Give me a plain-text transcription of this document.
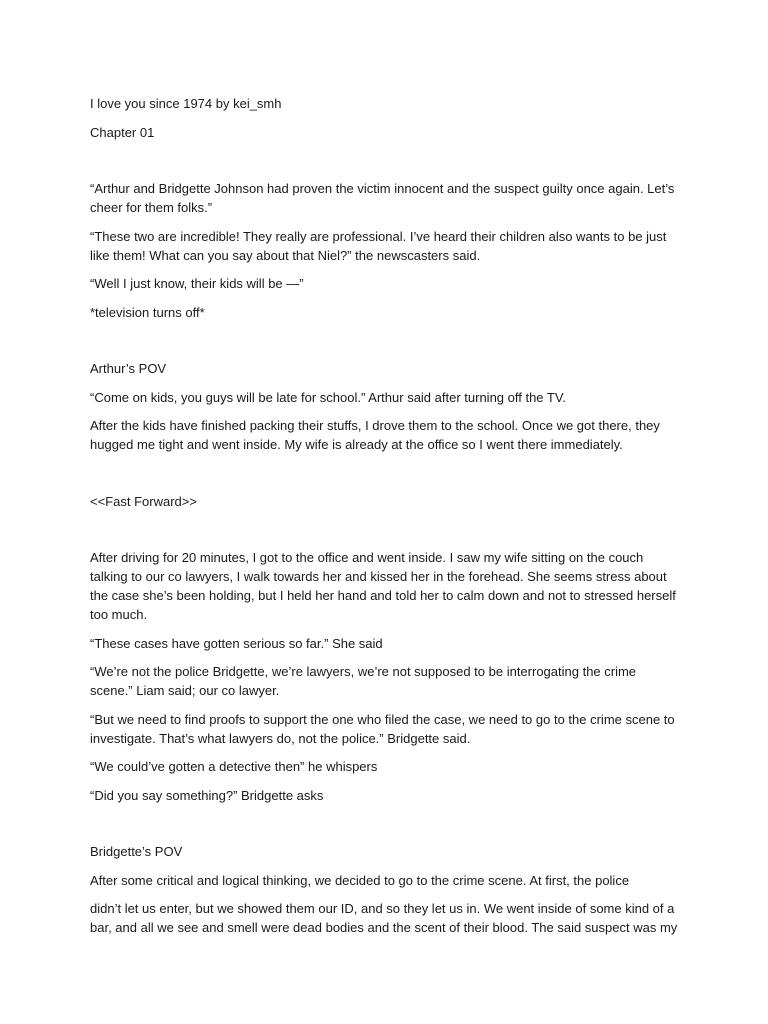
I love you since 1974 by kei_smh

Chapter 01

“Arthur and Bridgette Johnson had proven the victim innocent and the suspect guilty once again. Let’s cheer for them folks.”

“These two are incredible! They really are professional. I’ve heard their children also wants to be just like them! What can you say about that Niel?” the newscasters said.

“Well I just know, their kids will be —”

*television turns off*

Arthur’s POV

“Come on kids, you guys will be late for school.” Arthur said after turning off the TV.

After the kids have finished packing their stuffs, I drove them to the school. Once we got there, they hugged me tight and went inside. My wife is already at the office so I went there immediately.

<<Fast Forward>>

After driving for 20 minutes, I got to the office and went inside. I saw my wife sitting on the couch talking to our co lawyers, I walk towards her and kissed her in the forehead. She seems stress about the case she’s been holding, but I held her hand and told her to calm down and not to stressed herself too much.

“These cases have gotten serious so far.” She said

“We’re not the police Bridgette, we’re lawyers, we’re not supposed to be interrogating the crime scene.” Liam said; our co lawyer.

“But we need to find proofs to support the one who filed the case, we need to go to the crime scene to investigate. That’s what lawyers do, not the police.” Bridgette said.

“We could’ve gotten a detective then” he whispers

“Did you say something?” Bridgette asks

Bridgette’s POV

After some critical and logical thinking, we decided to go to the crime scene. At first, the police

didn’t let us enter, but we showed them our ID, and so they let us in. We went inside of some kind of a bar, and all we see and smell were dead bodies and the scent of their blood. The said suspect was my
